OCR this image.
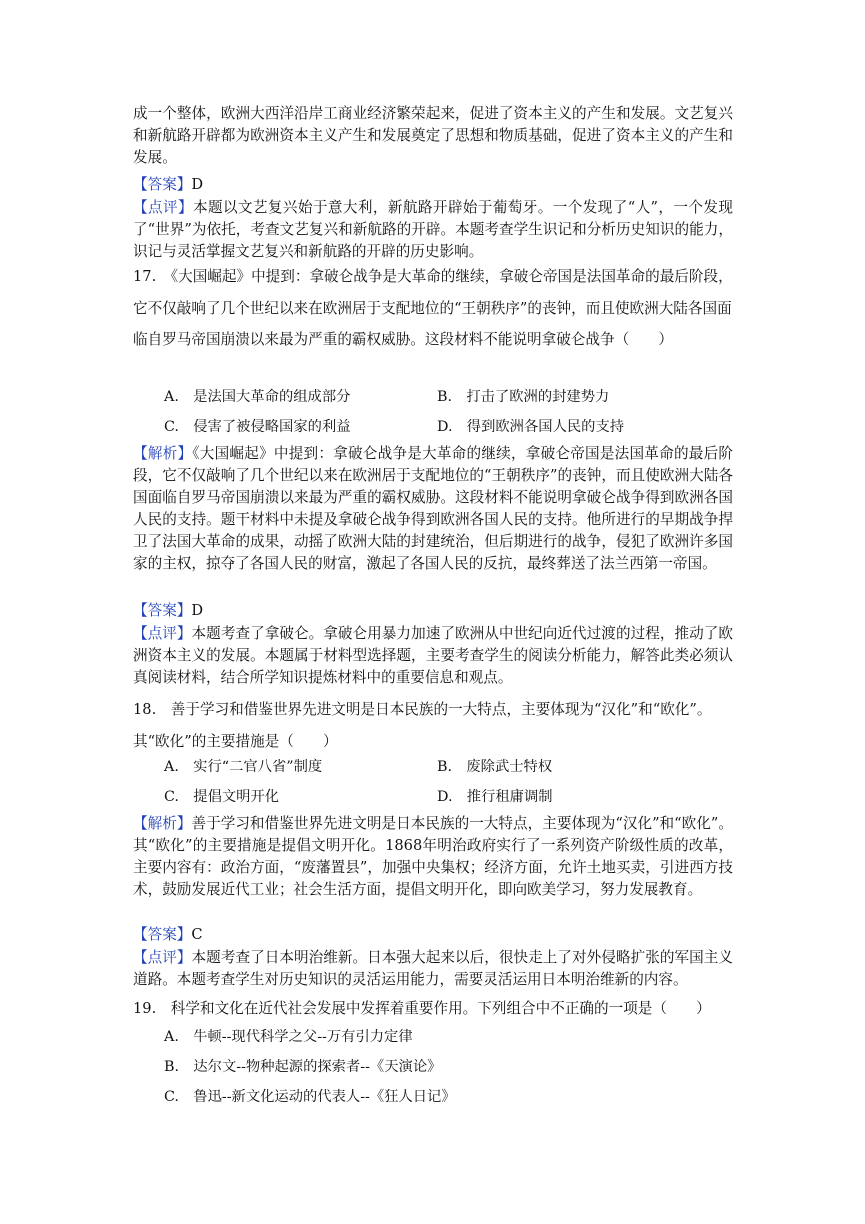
成一个整体，欧洲大西洋沿岸工商业经济繁荣起来，促进了资本主义的产生和发展。文艺复兴和新航路开辟都为欧洲资本主义产生和发展奠定了思想和物质基础，促进了资本主义的产生和发展。

【答案】D

【点评】本题以文艺复兴始于意大利，新航路开辟始于葡萄牙。一个发现了“人”，一个发现了“世界”为依托，考查文艺复兴和新航路的开辟。本题考查学生识记和分析历史知识的能力，识记与灵活掌握文艺复兴和新航路的开辟的历史影响。

17.　《大国崛起》中提到：拿破仑战争是大革命的继续，拿破仑帝国是法国革命的最后阶段，它不仅敲响了几个世纪以来在欧洲居于支配地位的“王朝秩序”的丧钟，而且使欧洲大陆各国面临自罗马帝国崩溃以来最为严重的霸权威胁。这段材料不能说明拿破仑战争（　　）

A.　是法国大革命的组成部分	B.　打击了欧洲的封建势力
C.　侵害了被侵略国家的利益	D.　得到欧洲各国人民的支持

【解析】《大国崛起》中提到：拿破仑战争是大革命的继续，拿破仑帝国是法国革命的最后阶段，它不仅敲响了几个世纪以来在欧洲居于支配地位的“王朝秩序”的丧钟，而且使欧洲大陆各国面临自罗马帝国崩溃以来最为严重的霸权威胁。这段材料不能说明拿破仑战争得到欧洲各国人民的支持。题干材料中未提及拿破仑战争得到欧洲各国人民的支持。他所进行的早期战争捍卫了法国大革命的成果，动摇了欧洲大陆的封建统治，但后期进行的战争，侵犯了欧洲许多国家的主权，掠夺了各国人民的财富，激起了各国人民的反抗，最终葬送了法兰西第一帝国。

【答案】D

【点评】本题考查了拿破仑。拿破仑用暴力加速了欧洲从中世纪向近代过渡的过程，推动了欧洲资本主义的发展。本题属于材料型选择题，主要考查学生的阅读分析能力，解答此类必须认真阅读材料，结合所学知识提炼材料中的重要信息和观点。

18.　善于学习和借鉴世界先进文明是日本民族的一大特点，主要体现为“汉化”和“欧化”。其“欧化”的主要措施是（　　）

A.　实行“二官八省”制度	B.　废除武士特权
C.　提倡文明开化	D.　推行租庸调制

【解析】善于学习和借鉴世界先进文明是日本民族的一大特点，主要体现为“汉化”和“欧化”。其“欧化”的主要措施是提倡文明开化。1868年明治政府实行了一系列资产阶级性质的改革，主要内容有：政治方面，“废藩置县”，加强中央集权；经济方面，允许土地买卖，引进西方技术，鼓励发展近代工业；社会生活方面，提倡文明开化，即向欧美学习，努力发展教育。

【答案】C

【点评】本题考查了日本明治维新。日本强大起来以后，很快走上了对外侵略扩张的军国主义道路。本题考查学生对历史知识的灵活运用能力，需要灵活运用日本明治维新的内容。

19.　科学和文化在近代社会发展中发挥着重要作用。下列组合中不正确的一项是（　　）

A.　牛顿--现代科学之父--万有引力定律
B.　达尔文--物种起源的探索者--《天演论》
C.　鲁迅--新文化运动的代表人--《狂人日记》
